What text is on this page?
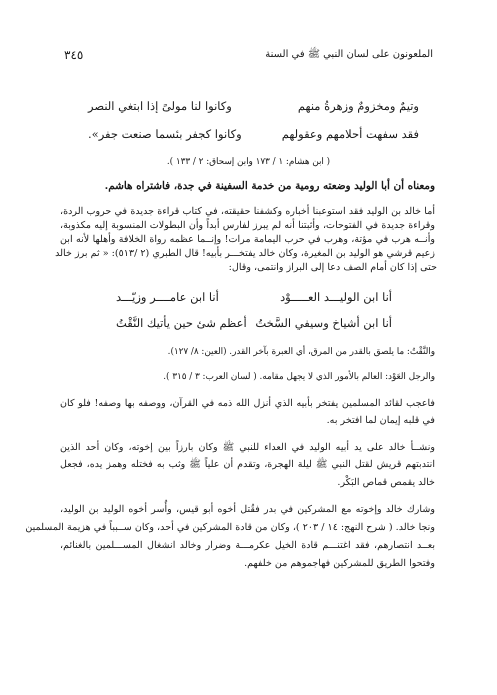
الملعونون على لسان النبي ﷺ في السنة
٣٤٥
وتيمٌ ومخزومٌ وزهرةُ منهم
وكانوا لنا مولىً إذا ابتغي النصر
فقد سفهت أحلامهم وعقولهم
وكانوا كجفر بئسما صنعت جفر».
( ابن هشام: ١ / ١٧٣ وابن إسحاق: ٢ / ١٣٣ ).
ومعناه أن أبا الوليد وضعته رومية من خدمة السفينة في جدة، فاشتراه هاشم.
أما خالد بن الوليد فقد استوعبنا أخباره وكشفنا حقيقته، في كتاب قراءة جديدة في حروب الردة،
وقراءة جديدة في الفتوحات، وأثبتنا أنه لم يبرز لفارس أبداً وأن البطولات المنسوبة إليه مكذوبة،
وأنــه هرب في مؤتة، وهرب في حرب اليمامة مرات! وإنــما عظمه رواة الخلافة وأهلها لأنه ابن
زعيم قرشي هو الوليد بن المغيرة، وكان خالد يفتخـــر بأبيه! قال الطبري (٢ /٥١٣): « ثم برز خالد
حتى إذا كان أمام الصف دعا إلى البراز وانتمى، وقال:
أنا ابن الوليـــد العـــــوْد
أنا ابن عامــــر وزيّـــد
أنا ابن أشياخ وسيفي السَّختُ
أعظم شئ حين يأتيك النَّقْتُ
والنَّقْتُ: ما يلصق بالقدر من المرق، أي العبرة بآخر القدر. (العين: ٨/ ١٢٧).
والرجل العَوْد: العالم بالأمور الذي لا يجهل مقامه. ( لسان العرب: ٣ / ٣١٥ ).
فاعجب لقائد المسلمين يفتخر بأبيه الذي أنزل الله ذمه في القرآن، ووصفه بها وصفه! فلو كان
في قلبه إيمان لما افتخر به.
ونشــأ خالد على يد أبيه الوليد في العداء للنبي ﷺ وكان بارزاً بين إخوته، وكان أحد الذين
انتدبتهم قريش لقتل النبي ﷺ ليلة الهجرة، وتقدم أن علياً ﷺ وثب به فختله وهمز يده، فجعل
خالد يقمص قماص البَكْر.
وشارك خالد وإخوته مع المشركين في بدر فقُتل أخوه أبو قيس، وأُسر أخوه الوليد بن الوليد،
ونجا خالد. ( شرح النهج: ١٤ / ٢٠٣ )، وكان من قادة المشركين في أحد، وكان ســبباً في هزيمة المسلمين
بعــد انتصارهم، فقد اغتنـــم قادة الخيل عكرمـــة وضرار وخالد انشغال المســـلمين بالغنائم،
وفتحوا الطريق للمشركين فهاجموهم من خلفهم.
